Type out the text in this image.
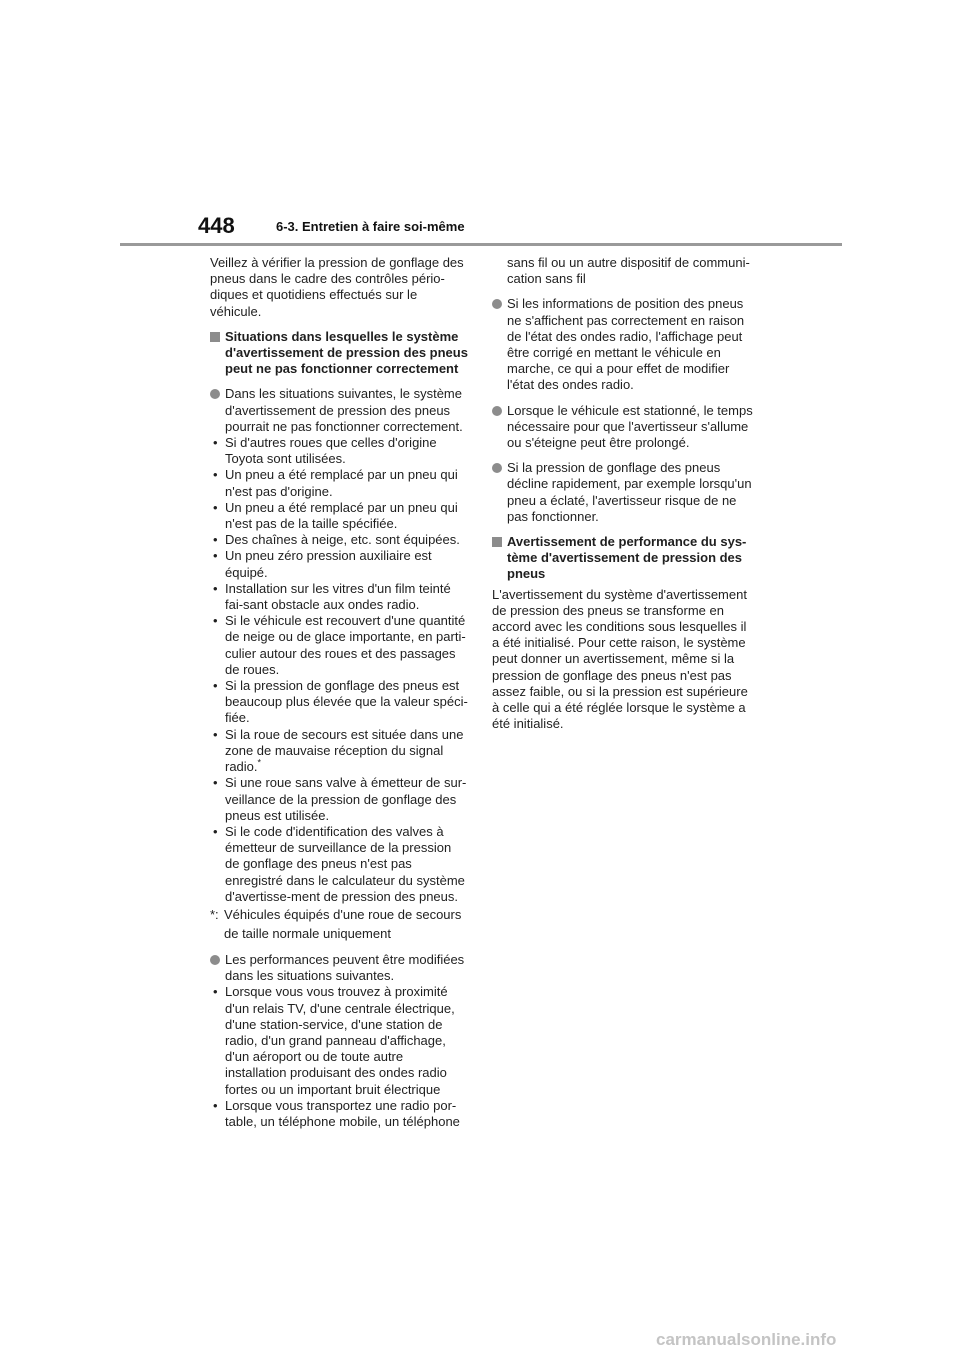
448	6-3. Entretien à faire soi-même

Veillez à vérifier la pression de gonflage des pneus dans le cadre des contrôles pério-diques et quotidiens effectués sur le véhicule.

Situations dans lesquelles le système d'avertissement de pression des pneus peut ne pas fonctionner correctement

Dans les situations suivantes, le système d'avertissement de pression des pneus pourrait ne pas fonctionner correctement.

• Si d'autres roues que celles d'origine Toyota sont utilisées.
• Un pneu a été remplacé par un pneu qui n'est pas d'origine.
• Un pneu a été remplacé par un pneu qui n'est pas de la taille spécifiée.
• Des chaînes à neige, etc. sont équipées.
• Un pneu zéro pression auxiliaire est équipé.
• Installation sur les vitres d'un film teinté fai-sant obstacle aux ondes radio.
• Si le véhicule est recouvert d'une quantité de neige ou de glace importante, en parti-culier autour des roues et des passages de roues.
• Si la pression de gonflage des pneus est beaucoup plus élevée que la valeur spéci-fiée.
• Si la roue de secours est située dans une zone de mauvaise réception du signal radio.*
• Si une roue sans valve à émetteur de sur-veillance de la pression de gonflage des pneus est utilisée.
• Si le code d'identification des valves à émetteur de surveillance de la pression de gonflage des pneus n'est pas enregistré dans le calculateur du système d'avertisse-ment de pression des pneus.
*: Véhicules équipés d'une roue de secours de taille normale uniquement

Les performances peuvent être modifiées dans les situations suivantes.

• Lorsque vous vous trouvez à proximité d'un relais TV, d'une centrale électrique, d'une station-service, d'une station de radio, d'un grand panneau d'affichage, d'un aéroport ou de toute autre installation produisant des ondes radio fortes ou un important bruit électrique
• Lorsque vous transportez une radio por-table, un téléphone mobile, un téléphone

sans fil ou un autre dispositif de communi-cation sans fil

Si les informations de position des pneus ne s'affichent pas correctement en raison de l'état des ondes radio, l'affichage peut être corrigé en mettant le véhicule en marche, ce qui a pour effet de modifier l'état des ondes radio.

Lorsque le véhicule est stationné, le temps nécessaire pour que l'avertisseur s'allume ou s'éteigne peut être prolongé.

Si la pression de gonflage des pneus décline rapidement, par exemple lorsqu'un pneu a éclaté, l'avertisseur risque de ne pas fonctionner.

Avertissement de performance du sys-tème d'avertissement de pression des pneus

L'avertissement du système d'avertissement de pression des pneus se transforme en accord avec les conditions sous lesquelles il a été initialisé. Pour cette raison, le système peut donner un avertissement, même si la pression de gonflage des pneus n'est pas assez faible, ou si la pression est supérieure à celle qui a été réglée lorsque le système a été initialisé.

carmanualsonline.info
